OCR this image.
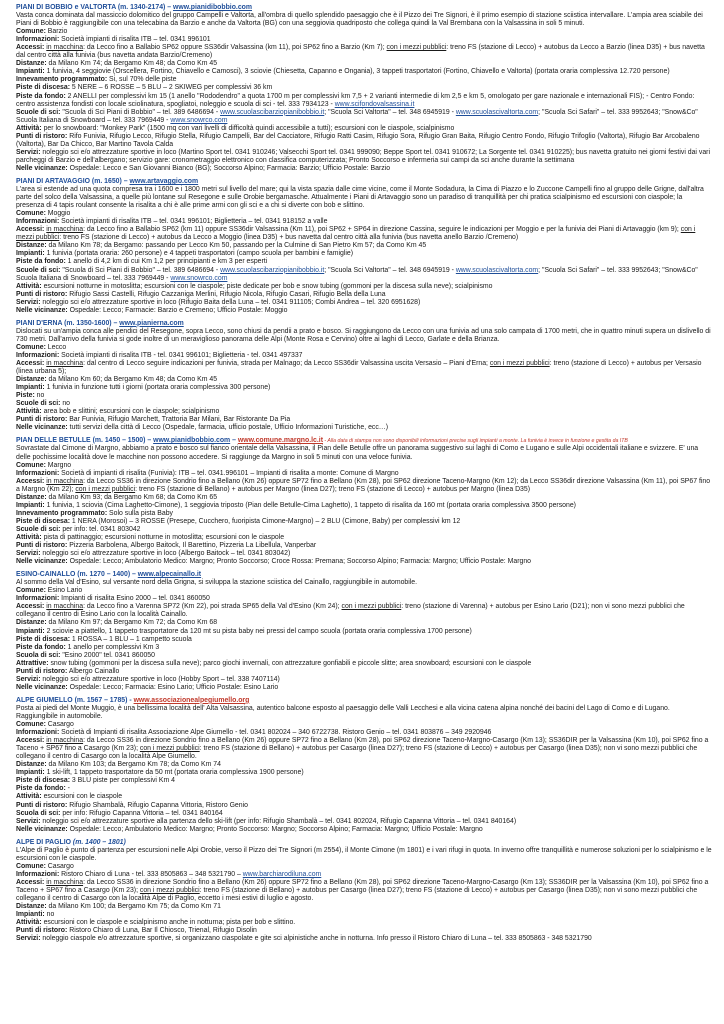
PIANI DI BOBBIO e VALTORTA (m. 1340-2174) – www.pianidibobbio.com
Vasta conca dominata dal massiccio dolomitico del gruppo Campelli e Valtorta, all'ombra di quello splendido paesaggio che è il Pizzo dei Tre Signori, è il primo esempio di stazione sciistica intervallare. L'ampia area sciabile dei Piani di Bobbio è raggiungibile con una telecabina da Barzio e anche da Valtorta (BG) con una seggiovia quadriposto che collega quindi la Val Brembana con la Valsassina in soli 5 minuti.
Comune: Barzio
Informazioni: Società impianti di risalita ITB – tel. 0341 996101
Accessi: in macchina: da Lecco fino a Ballabio SP62 oppure SS36dir Valsassina (km 11), poi SP62 fino a Barzio (Km 7); con i mezzi pubblici: treno FS (stazione di Lecco) + autobus da Lecco a Barzio (linea D35) + bus navetta dal centro città alla funivia (bus navetta andata Barzio/Cremeno)
Distanze: da Milano Km 74; da Bergamo Km 48; da Como Km 45
Impianti: 1 funivia, 4 seggiovie (Orscellera, Fortino, Chiavello e Camosci), 3 sciovie (Chiesetta, Capanno e Ongania), 3 tappeti trasportatori (Fortino, Chiavello e Valtorta) (portata oraria complessiva 12.720 persone)
Innevamento programmato: Si, sul 70% delle piste
Piste di discesa: 5 NERE – 6 ROSSE – 5 BLU – 2 SKIWEG per complessivi 36 km
Piste da fondo: 2 ANELLI per complessivi km 15 (1 anello "Rododendro" a quota 1700 m per complessivi km 7,5 + 2 varianti intermedie di km 2,5 e km 5, omologato per gare nazionale e internazionali FIS); - Centro Fondo: centro assistenza fondisti con locale sciolinatura, spogliatoi, noleggio e scuola di sci - tel. 333 7934123 - www.scifondovalsassina.it
Scuole di sci: "Scuola di Sci Piani di Bobbio" – tel. 389 6486694 - www.scuolascibarziopianibobbio.it; "Scuola Sci Valtorta" – tel. 348 6945919 - www.scuolascivaltorta.com; "Scuola Sci Safari" – tel. 333 9952643; "Snow&Co" Scuola Italiana di Snowboard – tel. 333 7969449 - www.snowrco.com
Attività: per lo snowboard: "Monkey Park" (1500 mq con vari livelli di difficoltà quindi accessibile a tutti); escursioni con le ciaspole, scialpinismo
Punti di ristoro: Rifo Funivia, Rifugio Lecco, Rifugio Stella, Rifugio Campelli, Bar del Cacciatore, Rifugio Ratti Casim, Rifugio Sora, Rifugio Gran Baita, Rifugio Centro Fondo, Rifugio Trifoglio (Valtorta), Rifugio Bar Arcobaleno (Valtorta), Bar Da Chicco, Bar Martino Tavola Calda
Servizi: noleggio sci e/o attrezzature sportive in loco (Martino Sport tel. 0341 910246; Valsecchi Sport tel. 0341 999090; Beppe Sport tel. 0341 910672; La Sorgente tel. 0341 910225); bus navetta gratuito nei giorni festivi dai vari parcheggi di Barzio e dell'albergano; servizio gare: cronometraggio elettronico con classifica computerizzata; Pronto Soccorso e infermeria sui campi da sci anche durante la settimana
Nelle vicinanze: Ospedale: Lecco e San Giovanni Bianco (BG); Soccorso Alpino; Farmacia: Barzio; Ufficio Postale: Barzio
PIANI DI ARTAVAGGIO (m. 1650) – www.artavaggio.com
L'area si estende ad una quota compresa tra i 1600 e i 1800 metri sul livello del mare; qui la vista spazia dalle cime vicine, come il Monte Sodadura, la Cima di Piazzo e lo Zuccone Campelli fino al gruppo delle Grigne, dall'altra parte del solco della Valsassina, a quelle più lontane sul Resegone e sulle Orobie bergamasche. Attualmente i Piani di Artavaggio sono un paradiso di tranquillità per chi pratica scialpinismo ed escursioni con ciaspole; la presenza di 4 tapis roulant consente la risalita a chi è alle prime armi con gli sci e a chi si diverte con bob e slittino.
Comune: Moggio
Informazioni: Società impianti di risalita ITB – tel. 0341 996101; Biglietteria – tel. 0341 918152 a valle
Accessi: in macchina: da Lecco fino a Ballabio SP62 (km 11) oppure SS36dir Valsassina (Km 11), poi SP62 + SP64 in direzione Cassina, seguire le indicazioni per Moggio e per la funivia dei Piani di Artavaggio (km 9); con i mezzi pubblici: treno FS (stazione di Lecco) + autobus da Lecco a Moggio (linea D35) + bus navetta dal centro città alla funivia (bus navetta anello Barzio /Cremeno)
Distanze: da Milano Km 78; da Bergamo: passando per Lecco Km 50, passando per la Culmine di San Pietro Km 57; da Como Km 45
Impianti: 1 funivia (portata oraria: 260 persone) e 4 tappeti trasportatori (campo scuola per bambini e famiglie)
Piste da fondo: 1 anello di 4,2 km di cui Km 1,2 per principianti e km 3 per esperti
Scuole di sci: "Scuola di Sci Piani di Bobbio" – tel. 389 6486694 - www.scuolascibarziopianibobbio.it; "Scuola Sci Valtorta" – tel. 348 6945919 - www.scuolascivaltorta.com; "Scuola Sci Safari" – tel. 333 9952643; "Snow&Co" Scuola Italiana di Snowboard – tel. 333 7969449 - www.snowrco.com
Attività: escursioni notturne in motoslitta; escursioni con le ciaspole; piste dedicate per bob e snow tubing (gommoni per la discesa sulla neve); scialpinismo
Punti di ristoro: Rifugio Sassi Castelli, Rifugio Cazzaniga Merlini, Rifugio Nicola, Rifugio Casari, Rifugio Bella della Luna
Servizi: noleggio sci e/o attrezzature sportive in loco (Rifugio Baita della Luna – tel. 0341 911105; Combi Andrea – tel. 320 6951628)
Nelle vicinanze: Ospedale: Lecco; Farmacie: Barzio e Cremeno; Ufficio Postale: Moggio
PIANI D'ERNA (m. 1350-1600) – www.pianierna.com
Dislocati su un'ampia conca alle pendici del Resegone, sopra Lecco, sono chiusi da pendii a prato e bosco. Si raggiungono da Lecco con una funivia ad una solo campata di 1700 metri, che in quattro minuti supera un dislivello di 730 metri. Dall'arrivo della funivia si gode inoltre di un meraviglioso panorama delle Alpi (Monte Rosa e Cervino) oltre ai laghi di Lecco, Garlate e della Brianza.
Comune: Lecco
Informazioni: Società impianti di risalita ITB - tel. 0341 996101; Biglietteria - tel. 0341 497337
Accessi: in macchina: dal centro di Lecco seguire indicazioni per funivia, strada per Malnago; da Lecco SS36dir Valsassina uscita Versasio – Piani d'Erna; con i mezzi pubblici: treno (stazione di Lecco) + autobus per Versasio (linea urbana 5);
Distanze: da Milano Km 60; da Bergamo Km 48; da Como Km 45
Impianti: 1 funivia in funzione tutti i giorni (portata oraria complessiva 300 persone)
Piste: no
Scuole di sci: no
Attività: area bob e slittini; escursioni con le ciaspole; scialpinismo
Punti di ristoro: Bar Funivia, Rifugio Marchett, Trattoria Bar Milani, Bar Ristorante Da Pia
Nelle vicinanze: tutti servizi della città di Lecco (Ospedale, farmacia, ufficio postale, Ufficio Informazioni Turistiche, ecc…)
PIAN DELLE BETULLE (m. 1450 – 1500) – www.pianidbobbio.com – www.comune.margno.lc.it - Alla data di stampa non sono disponibili informazioni precise sugli impianti a monte. La funivia è invece in funzione e gestita da ITB
Sovrastate dal Cimone di Margno, abbiamo a prato e bosco sul fianco orientale della Valsassina, il Pian delle Betulle offre un panorama suggestivo sui laghi di Como e Lugano e sulle Alpi occidentali italiane e svizzere. E' una delle pochissime località dove le macchine non possono accedere. Si raggiunge da Margno in soli 5 minuti con una veloce funivia.
Comune: Margno
Informazioni: Società di impianti di risalita (Funivia): ITB – tel. 0341.996101 – Impianti di risalita a monte: Comune di Margno
Accessi: in macchina: da Lecco SS36 in direzione Sondrio fino a Bellano (Km 26) oppure SP72 fino a Bellano (Km 28), poi SP62 direzione Taceno-Margno (Km 12); da Lecco SS36dir direzione Valsassina (Km 11), poi SP67 fino a Margno (Km 22); con i mezzi pubblici: treno FS (stazione di Bellano) + autobus per Margno (linea D27); treno FS (stazione di Lecco) + autobus per Margno (linea D35)
Distanze: da Milano Km 93; da Bergamo Km 68; da Como Km 65
Impianti: 1 funivia, 1 sciovia (Cima Laghetto-Cimone), 1 seggiovia triposto (Pian delle Betulle-Cima Laghetto), 1 tappeto di risalita da 160 mt (portata oraria complessiva 3500 persone)
Innevamento programmato: Solo sulla pista Baby
Piste di discesa: 1 NERA (Morosoi) – 3 ROSSE (Presepe, Cucchero, fuoripista Cimone-Margno) – 2 BLU (Cimone, Baby) per complessivi km 12
Scuole di sci: per info: tel. 0341 803042
Attività: pista di pattinaggio; escursioni notturne in motoslitta; escursioni con le ciaspole
Punti di ristoro: Pizzeria Barbolena, Albergo Baitock, Il Barettino, Pizzeria La Libellula, Vanperbar
Servizi: noleggio sci e/o attrezzature sportive in loco (Albergo Baitock – tel. 0341 803042)
Nelle vicinanze: Ospedale: Lecco; Ambulatorio Medico: Margno; Pronto Soccorso; Croce Rossa: Premana; Soccorso Alpino; Farmacia: Margno; Ufficio Postale: Margno
ESINO-CAINALLO (m. 1270 – 1400) – www.alpecainallo.it
Al sommo della Val d'Esino, sul versante nord della Grigna, si sviluppa la stazione sciistica del Cainallo, raggiungibile in automobile.
Comune: Esino Lario
Informazioni: Impianti di risalita Esino 2000 – tel. 0341 860050
Accessi: in macchina: da Lecco fino a Varenna SP72 (Km 22), poi strada SP65 della Val d'Esino (Km 24); con i mezzi pubblici: treno (stazione di Varenna) + autobus per Esino Lario (D21); non vi sono mezzi pubblici che collegano il centro di Esino Lario con la località Cainallo.
Distanze: da Milano Km 97; da Bergamo Km 72; da Como Km 68
Impianti: 2 sciovie a piattello, 1 tappeto trasportatore da 120 mt su pista baby nei pressi del campo scuola (portata oraria complessiva 1700 persone)
Piste di discesa: 1 ROSSA – 1 BLU – 1 campetto scuola
Piste da fondo: 1 anello per complessivi Km 3
Scuola di sci: "Esino 2000" tel. 0341 860050
Attrattive: snow tubing (gommoni per la discesa sulla neve); parco giochi invernali, con attrezzature gonfiabili e piccole slitte; area snowboard; escursioni con le ciaspole
Punti di ristoro: Albergo Cainallo
Servizi: noleggio sci e/o attrezzature sportive in loco (Hobby Sport – tel. 338 7407114)
Nelle vicinanze: Ospedale: Lecco; Farmacia: Esino Lario; Ufficio Postale: Esino Lario
ALPE GIUMELLO (m. 1567 – 1785) - www.associazionealpegiumello.org
Posta ai piedi del Monte Muggio, è una bellissima località dell' Alta Valsassina, autentico balcone esposto al paesaggio delle Valli Lecchesi e alla vicina catena alpina nonché dei bacini del Lago di Como e di Lugano. Raggiungibile in automobile.
Comune: Casargo
Informazioni: Società di Impianti di risalita Associazione Alpe Giumello - tel. 0341 802024 – 340 6722738. Ristoro Genio – tel. 0341 803876 – 349 2920946
Accessi: in macchina: da Lecco SS36 in direzione Sondrio fino a Bellano (Km 26) oppure SP72 fino a Bellano (Km 28), poi SP62 direzione Taceno-Margno-Casargo (Km 13); SS36DIR per la Valsassina (Km 10), poi SP62 fino a Taceno + SP67 fino a Casargo (Km 23); con i mezzi pubblici: treno FS (stazione di Bellano) + autobus per Casargo (linea D27); treno FS (stazione di Lecco) + autobus per Casargo (linea D35); non vi sono mezzi pubblici che collegano il centro di Casargo con la località Alpe Giumello.
Distanze: da Milano Km 103; da Bergamo Km 78; da Como Km 74
Impianti: 1 ski-lift, 1 tappeto trasportatore da 50 mt (portata oraria complessiva 1900 persone)
Piste di discesa: 3 BLU piste per complessivi Km 4
Piste da fondo: -
Attività: escursioni con le ciaspole
Punti di ristoro: Rifugio Shambalà, Rifugio Capanna Vittoria, Ristoro Genio
Scuola di sci: per info: Rifugio Capanna Vittoria – tel. 0341 840164
Servizi: noleggio sci e/o attrezzature sportive alla partenza dello ski-lift (per info: Rifugio Shambalà – tel. 0341 802024, Rifugio Capanna Vittoria – tel. 0341 840164)
Nelle vicinanze: Ospedale: Lecco; Ambulatorio Medico: Margno; Pronto Soccorso: Margno; Soccorso Alpino; Farmacia: Margno; Ufficio Postale: Margno
ALPE DI PAGLIO (m. 1400 – 1801)
L'Alpe di Paglio è punto di partenza per escursioni nelle Alpi Orobie, verso il Pizzo dei Tre Signori (m 2554), il Monte Cimone (m 1801) e i vari rifugi in quota. In inverno offre tranquillità e numerose soluzioni per lo scialpinismo e le escursioni con le ciaspole.
Comune: Casargo
Informazioni: Ristoro Chiaro di Luna - tel. 333 8505863 – 348 5321790 – www.barchiarodiluna.com
Accessi: in macchina: da Lecco SS36 in direzione Sondrio fino a Bellano (Km 26) oppure SP72 fino a Bellano (Km 28), poi SP62 direzione Taceno-Margno-Casargo (Km 13); SS36DIR per la Valsassina (Km 10), poi SP62 fino a Taceno + SP67 fino a Casargo (Km 23); con i mezzi pubblici: treno FS (stazione di Bellano) + autobus per Casargo (linea D27); treno FS (stazione di Lecco) + autobus per Casargo (linea D35); non vi sono mezzi pubblici che collegano il centro di Casargo con la località Alpe di Paglio, eccetto i mesi estivi di luglio e agosto.
Distanze: da Milano Km 100; da Bergamo Km 75; da Como Km 71
Impianti: no
Attività: escursioni con le ciaspole e scialpinismo anche in notturna; pista per bob e slittino.
Punti di ristoro: Ristoro Chiaro di Luna, Bar Il Chiosco, Trienal, Rifugio Disolin
Servizi: noleggio ciaspole e/o attrezzature sportive, si organizzano ciaspolate e gite sci alpinistiche anche in notturna. Info presso il Ristoro Chiaro di Luna – tel. 333 8505863 - 348 5321790
